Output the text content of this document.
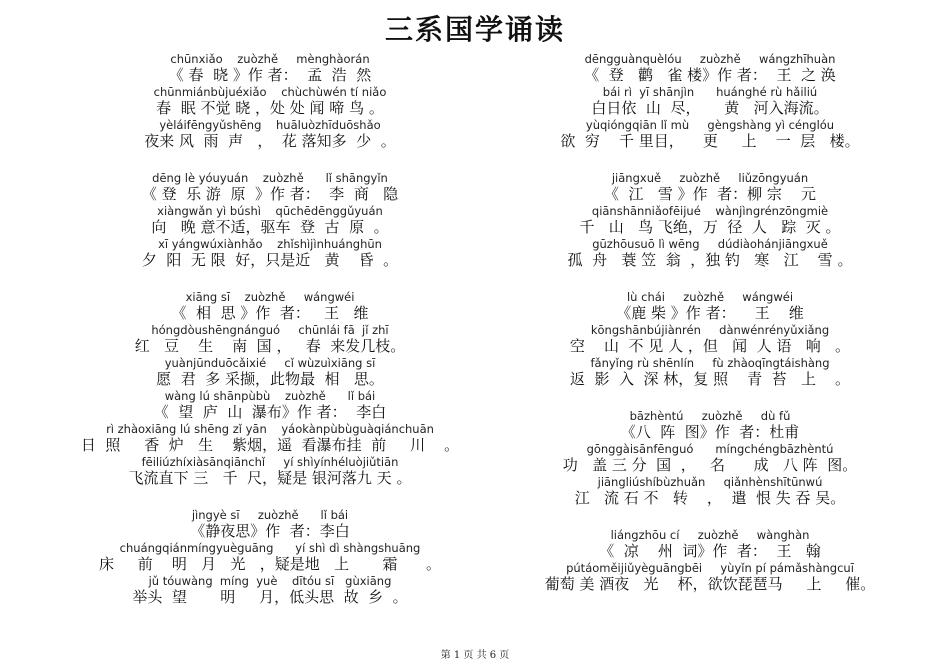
三系国学诵读
chūnxiǎo    zuòzhě     mènghàorán
《 春  晓 》作 者：  孟  浩  然
chūnmiánbùjuéxiǎo    chùchùwén tí niǎo
春  眠 不觉 晓 ，处 处 闻 啼 鸟 。
yèláifēngyǔshēng    huāluòzhīduōshǎo
夜来 风  雨  声   ，  花 落知多  少  。
dēng lè yóuyuán    zuòzhě      lǐ shāngyǐn
《 登  乐 游  原  》作 者：  李  商   隐
xiàngwǎn yì búshì    qūchēdēnggǔyuán
向   晚 意不适，驱车  登  古  原  。
xī yángwúxiànhǎo    zhǐshìjìnhuánghūn
夕  阳  无 限  好，只是近   黄    昏  。
xiāng sī    zuòzhě     wángwéi
《  相  思 》作  者：   王   维
hóngdòushēngnánguó     chūnlái fā  jǐ zhī
红   豆    生    南  国 ，   春  来发几枝。
yuànjūnduōcǎixié     cǐ wùzuìxiāng sī
愿  君  多 采撷，此物最  相   思。
wàng lú shānpùbù    zuòzhě      lǐ bái
《  望  庐  山  瀑布》作 者：  李白
rì zhàoxiāng lú shēng zǐ yān    yáokànpùbùguàqiánchuān
日  照     香  炉   生    紫烟，遥  看瀑布挂  前     川    。
fēiliúzhíxiàsānqiānchǐ     yí shìyínhéluòjiǔtiān
飞流直下 三   千  尺，疑是 银河落九 天 。
jìngyè sī     zuòzhě      lǐ bái
《静夜思》作  者：李白
chuángqiánmíngyuèguāng      yí shì dì shàngshuāng
床     前    明   月   光   ，疑是地   上       霜      。
jǔ tóuwàng  míng  yuè    dītóu sī   gùxiāng
举头  望       明     月，低头思  故  乡  。
dēngguànquèlóu     zuòzhě     wángzhīhuàn
《  登   鹳   雀 楼》作 者：  王  之 涣
bái rì  yī shānjìn      huánghé rù hǎiliú
白日依  山  尽，     黄   河入海流。
yùqióngqiān lǐ mù     gèngshàng yì cénglóu
欲  穷    千 里目，    更     上    一  层   楼。
jiāngxuě     zuòzhě     liǔzōngyuán
《  江   雪 》作  者：柳 宗    元
qiānshānniǎofēijué    wànjìngrénzōngmiè
千   山   鸟 飞绝，万  径  人   踪  灭 。
gūzhōusuō lì wēng     dúdiàohánjiāngxuě
孤  舟   蓑 笠  翁  ，独 钓   寒   江    雪 。
lù chái     zuòzhě     wángwéi
《鹿 柴 》作 者：    王    维
kōngshānbújiànrén     dànwénrényǔxiǎng
空    山  不 见 人 ，但   闻  人 语   响   。
fǎnyǐng rù shēnlín     fù zhàoqīngtáishàng
返  影  入  深 林，复 照    青  苔   上    。
bāzhèntú     zuòzhě     dù fǔ
《八  阵  图》作  者：杜甫
gōnggàisānfēnguó      míngchéngbāzhèntú
功   盖 三 分  国  ，   名      成   八 阵  图。
jiāngliúshíbùzhuǎn     qiǎnhènshītūnwú
江   流 石 不   转    ，  遣  恨 失 吞 吴。
liángzhōu cí     zuòzhě     wànghàn
《  凉    州  词》作  者：  王   翰
pútáoměijiǔyèguāngbēi     yùyǐn pí pámǎshàngcuī
葡萄 美 酒夜   光    杯，欲饮琵琶马     上     催。
第 1 页 共 6 页
